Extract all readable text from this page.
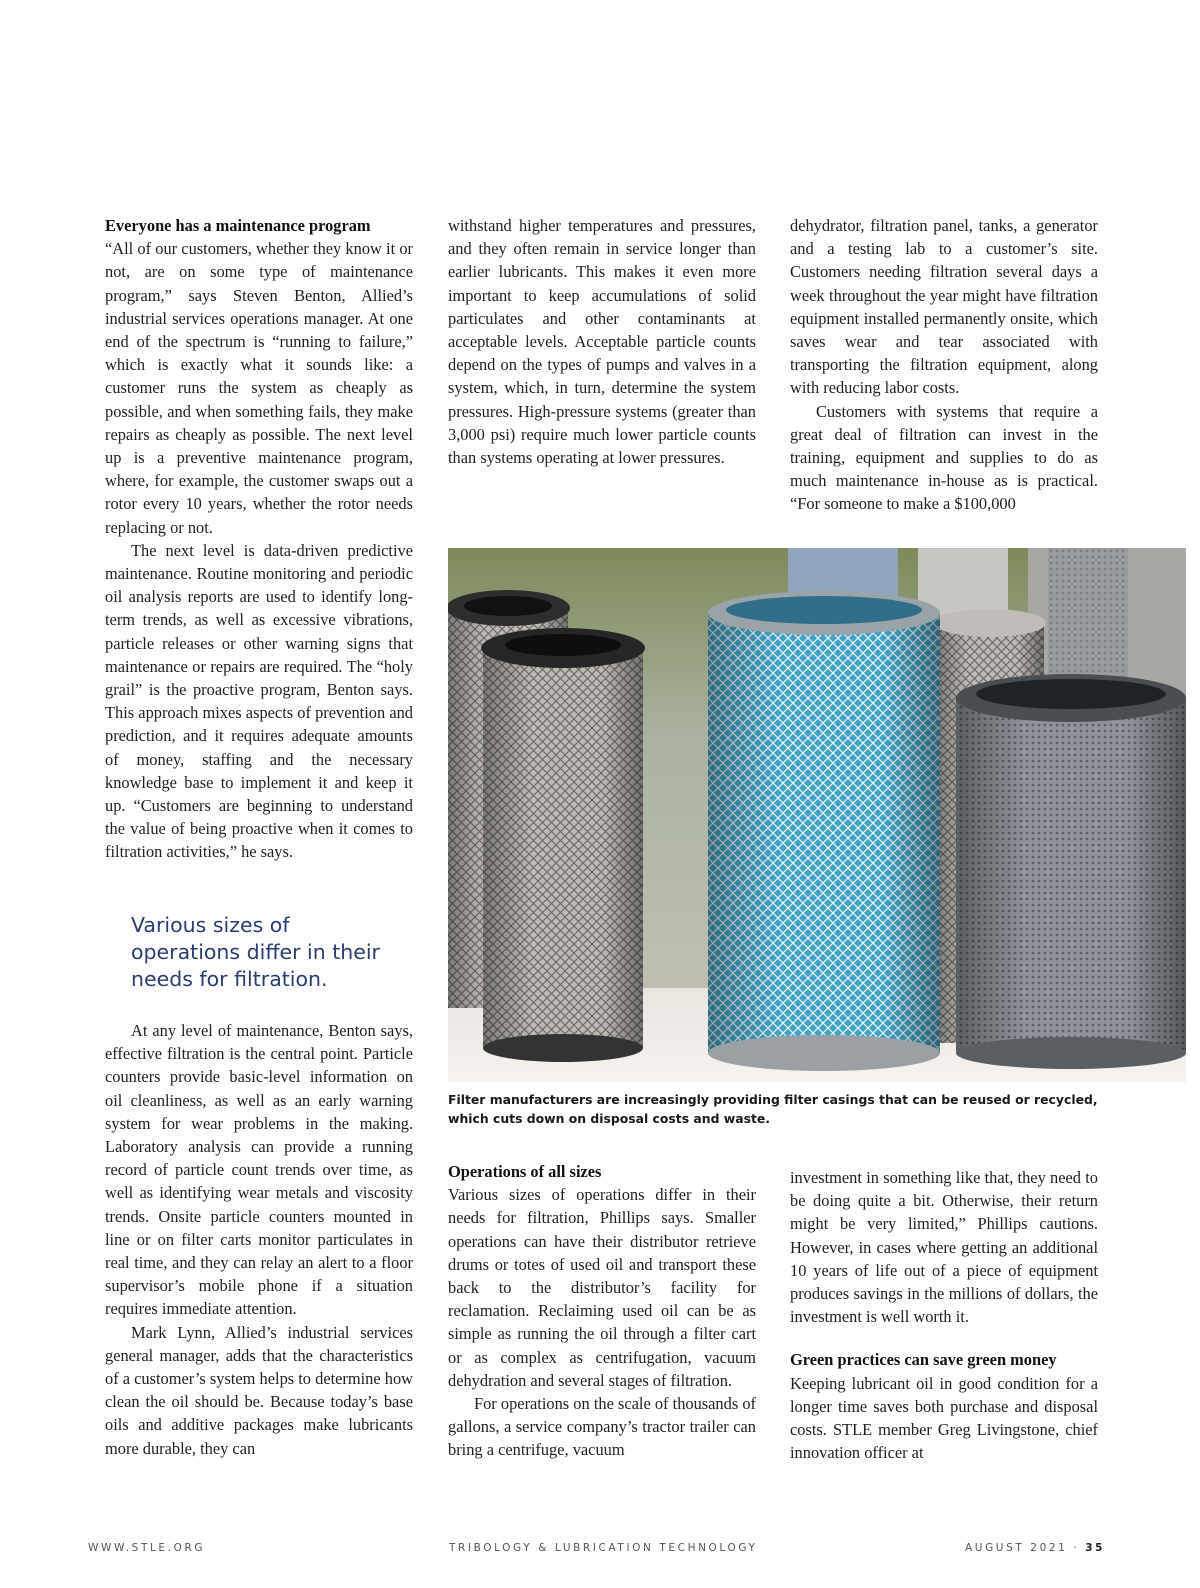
Everyone has a maintenance program

“All of our customers, whether they know it or not, are on some type of maintenance program,” says Steven Benton, Allied’s industrial services operations manager. At one end of the spectrum is “running to failure,” which is exactly what it sounds like: a customer runs the system as cheaply as possible, and when something fails, they make repairs as cheaply as possible. The next level up is a preventive maintenance program, where, for example, the customer swaps out a rotor every 10 years, whether the rotor needs replacing or not.

The next level is data-driven predictive maintenance. Routine monitoring and periodic oil analysis reports are used to identify long-term trends, as well as excessive vibrations, particle releases or other warning signs that maintenance or repairs are required. The “holy grail” is the proactive program, Benton says. This approach mixes aspects of prevention and prediction, and it requires adequate amounts of money, staffing and the necessary knowledge base to implement it and keep it up. “Customers are beginning to understand the value of being proactive when it comes to filtration activities,” he says.

Various sizes of operations differ in their needs for filtration.

At any level of maintenance, Benton says, effective filtration is the central point. Particle counters provide basic-level information on oil cleanliness, as well as an early warning system for wear problems in the making. Laboratory analysis can provide a running record of particle count trends over time, as well as identifying wear metals and viscosity trends. Onsite particle counters mounted in line or on filter carts monitor particulates in real time, and they can relay an alert to a floor supervisor’s mobile phone if a situation requires immediate attention.

Mark Lynn, Allied’s industrial services general manager, adds that the characteristics of a customer’s system helps to determine how clean the oil should be. Because today’s base oils and additive packages make lubricants more durable, they can

withstand higher temperatures and pressures, and they often remain in service longer than earlier lubricants. This makes it even more important to keep accumulations of solid particulates and other contaminants at acceptable levels. Acceptable particle counts depend on the types of pumps and valves in a system, which, in turn, determine the system pressures. High-pressure systems (greater than 3,000 psi) require much lower particle counts than systems operating at lower pressures.

dehydrator, filtration panel, tanks, a generator and a testing lab to a customer’s site. Customers needing filtration several days a week throughout the year might have filtration equipment installed permanently onsite, which saves wear and tear associated with transporting the filtration equipment, along with reducing labor costs.

Customers with systems that require a great deal of filtration can invest in the training, equipment and supplies to do as much maintenance in-house as is practical. “For someone to make a $100,000

Filter manufacturers are increasingly providing filter casings that can be reused or recycled, which cuts down on disposal costs and waste.
Operations of all sizes

Various sizes of operations differ in their needs for filtration, Phillips says. Smaller operations can have their distributor retrieve drums or totes of used oil and transport these back to the distributor’s facility for reclamation. Reclaiming used oil can be as simple as running the oil through a filter cart or as complex as centrifugation, vacuum dehydration and several stages of filtration.

For operations on the scale of thousands of gallons, a service company’s tractor trailer can bring a centrifuge, vacuum

investment in something like that, they need to be doing quite a bit. Otherwise, their return might be very limited,” Phillips cautions. However, in cases where getting an additional 10 years of life out of a piece of equipment produces savings in the millions of dollars, the investment is well worth it.

Green practices can save green money

Keeping lubricant oil in good condition for a longer time saves both purchase and disposal costs. STLE member Greg Livingstone, chief innovation officer at

WWW.STLE.ORG	TRIBOLOGY & LUBRICATION TECHNOLOGY	AUGUST 2021 · 35
